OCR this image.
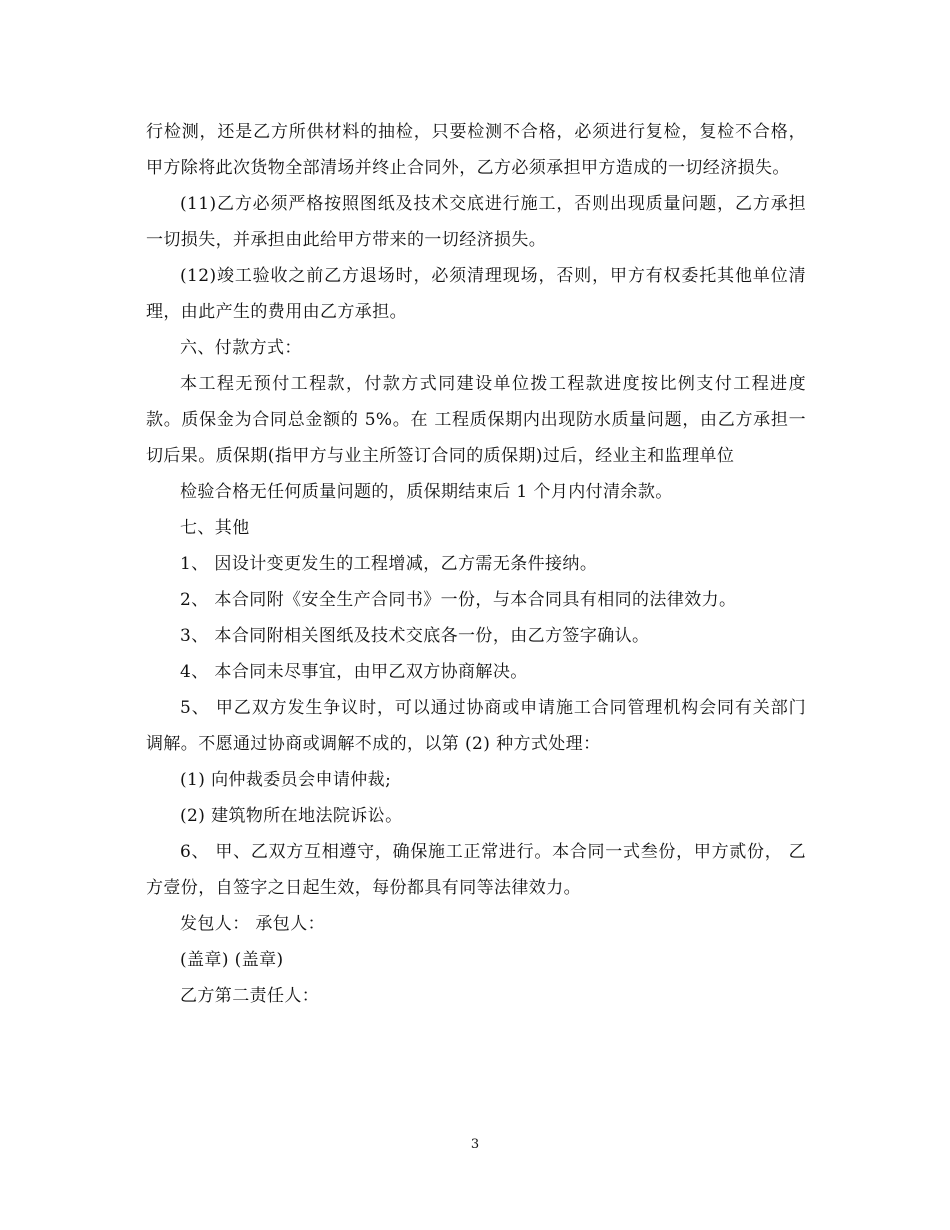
行检测，还是乙方所供材料的抽检，只要检测不合格，必须进行复检，复检不合格，甲方除将此次货物全部清场并终止合同外，乙方必须承担甲方造成的一切经济损失。

(11)乙方必须严格按照图纸及技术交底进行施工，否则出现质量问题，乙方承担一切损失，并承担由此给甲方带来的一切经济损失。

(12)竣工验收之前乙方退场时，必须清理现场，否则，甲方有权委托其他单位清理，由此产生的费用由乙方承担。

六、付款方式：

本工程无预付工程款，付款方式同建设单位拨工程款进度按比例支付工程进度款。质保金为合同总金额的 5%。在 工程质保期内出现防水质量问题，由乙方承担一切后果。质保期(指甲方与业主所签订合同的质保期)过后，经业主和监理单位

检验合格无任何质量问题的，质保期结束后 1 个月内付清余款。

七、其他

1、 因设计变更发生的工程增减，乙方需无条件接纳。

2、 本合同附《安全生产合同书》一份，与本合同具有相同的法律效力。

3、 本合同附相关图纸及技术交底各一份，由乙方签字确认。

4、 本合同未尽事宜，由甲乙双方协商解决。

5、 甲乙双方发生争议时，可以通过协商或申请施工合同管理机构会同有关部门调解。不愿通过协商或调解不成的，以第 (2) 种方式处理：

(1) 向仲裁委员会申请仲裁;

(2) 建筑物所在地法院诉讼。

6、 甲、乙双方互相遵守，确保施工正常进行。本合同一式叁份，甲方贰份， 乙方壹份，自签字之日起生效，每份都具有同等法律效力。

发包人： 承包人：

(盖章) (盖章)

乙方第二责任人：

3
